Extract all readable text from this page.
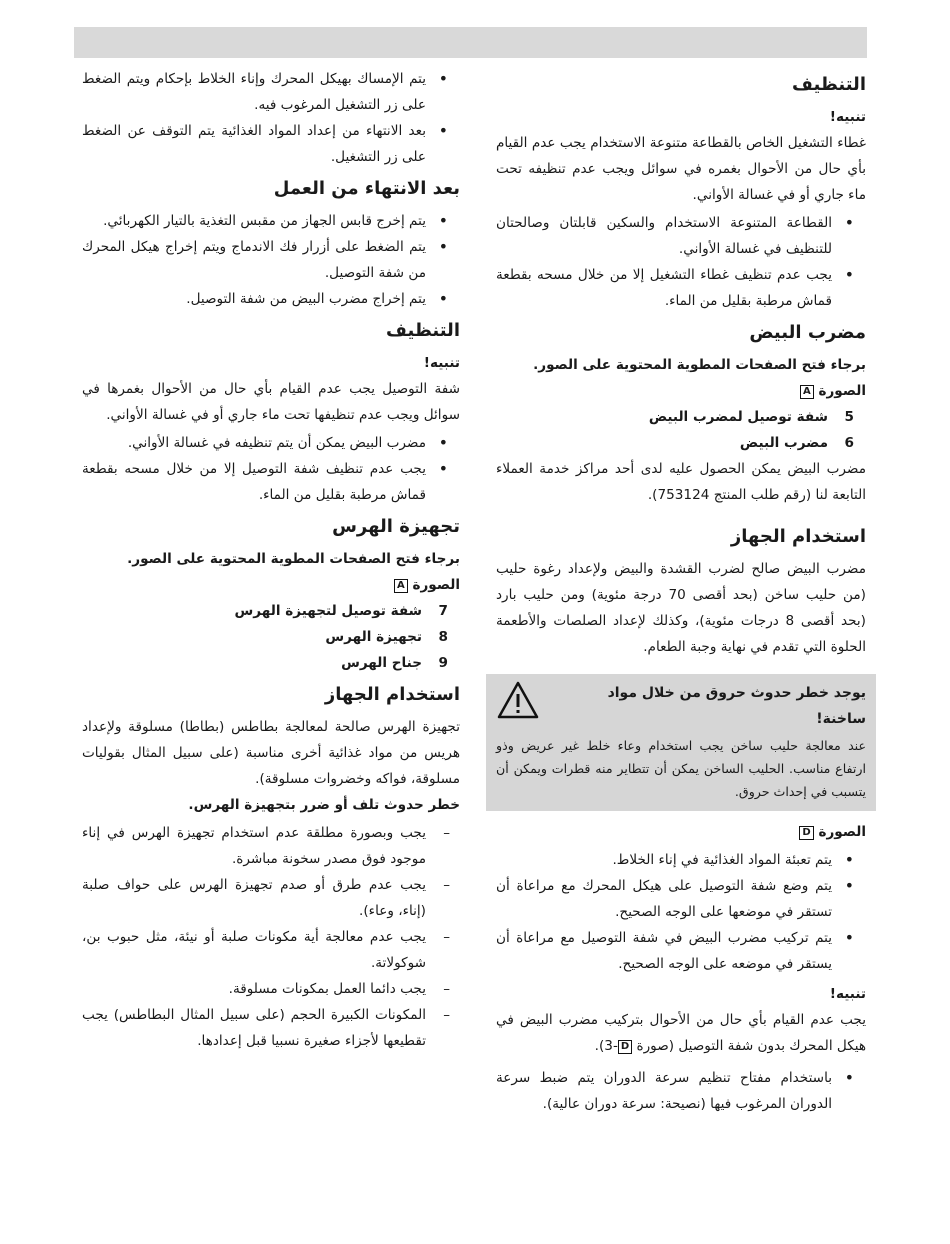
التنظيف

تنبيه!

غطاء التشغيل الخاص بالقطاعة متنوعة الاستخدام يجب عدم القيام بأي حال من الأحوال بغمره في سوائل ويجب عدم تنظيفه تحت ماء جاري أو في غسالة الأواني.

• القطاعة المتنوعة الاستخدام والسكين قابلتان وصالحتان للتنظيف في غسالة الأواني.
• يجب عدم تنظيف غطاء التشغيل إلا من خلال مسحه بقطعة قماش مرطبة بقليل من الماء.
مضرب البيض

برجاء فتح الصفحات المطوية المحتوية على الصور.

الصورة A

5
شفة توصيل لمضرب البيض
6
مضرب البيض

مضرب البيض يمكن الحصول عليه لدى أحد مراكز خدمة العملاء التابعة لنا (رقم طلب المنتج 753124).

استخدام الجهاز

مضرب البيض صالح لضرب القشدة والبيض ولإعداد رغوة حليب (من حليب ساخن (بحد أقصى 70 درجة مئوية) ومن حليب بارد (بحد أقصى 8 درجات مئوية)، وكذلك لإعداد الصلصات والأطعمة الحلوة التي تقدم في نهاية وجبة الطعام.

يوجد خطر حدوث حروق من خلال مواد ساخنة!
عند معالجة حليب ساخن يجب استخدام وعاء خلط غير عريض وذو ارتفاع مناسب. الحليب الساخن يمكن أن تتطاير منه قطرات ويمكن أن يتسبب في إحداث حروق.

الصورة D

• يتم تعبئة المواد الغذائية في إناء الخلاط.
• يتم وضع شفة التوصيل على هيكل المحرك مع مراعاة أن تستقر في موضعها على الوجه الصحيح.
• يتم تركيب مضرب البيض في شفة التوصيل مع مراعاة أن يستقر في موضعه على الوجه الصحيح.

تنبيه!

يجب عدم القيام بأي حال من الأحوال بتركيب مضرب البيض في هيكل المحرك بدون شفة التوصيل (صورة D-3).

• باستخدام مفتاح تنظيم سرعة الدوران يتم ضبط سرعة الدوران المرغوب فيها (نصيحة: سرعة دوران عالية).
• يتم الإمساك بهيكل المحرك وإناء الخلاط بإحكام ويتم الضغط على زر التشغيل المرغوب فيه.
• بعد الانتهاء من إعداد المواد الغذائية يتم التوقف عن الضغط على زر التشغيل.
بعد الانتهاء من العمل
• يتم إخرج قابس الجهاز من مقبس التغذية بالتيار الكهربائي.
• يتم الضغط على أزرار فك الاندماج ويتم إخراج هيكل المحرك من شفة التوصيل.
• يتم إخراج مضرب البيض من شفة التوصيل.
التنظيف

تنبيه!

شفة التوصيل يجب عدم القيام بأي حال من الأحوال بغمرها في سوائل ويجب عدم تنظيفها تحت ماء جاري أو في غسالة الأواني.

• مضرب البيض يمكن أن يتم تنظيفه في غسالة الأواني.
• يجب عدم تنظيف شفة التوصيل إلا من خلال مسحه بقطعة قماش مرطبة بقليل من الماء.
تجهيزة الهرس

برجاء فتح الصفحات المطوية المحتوية على الصور.

الصورة A

7
شفة توصيل لتجهيزة الهرس
8
تجهيزة الهرس
9
جناح الهرس
استخدام الجهاز

تجهيزة الهرس صالحة لمعالجة بطاطس (بطاطا) مسلوقة ولإعداد هريس من مواد غذائية أخرى مناسبة (على سبيل المثال بقوليات مسلوقة، فواكه وخضروات مسلوقة).

خطر حدوث تلف أو ضرر بتجهيزة الهرس.

– يجب وبصورة مطلقة عدم استخدام تجهيزة الهرس في إناء موجود فوق مصدر سخونة مباشرة.
– يجب عدم طرق أو صدم تجهيزة الهرس على حواف صلبة (إناء، وعاء).
– يجب عدم معالجة أية مكونات صلبة أو نيئة، مثل حبوب بن، شوكولاتة.
– يجب دائما العمل بمكونات مسلوقة.
– المكونات الكبيرة الحجم (على سبيل المثال البطاطس) يجب تقطيعها لأجزاء صغيرة نسبيا قبل إعدادها.
